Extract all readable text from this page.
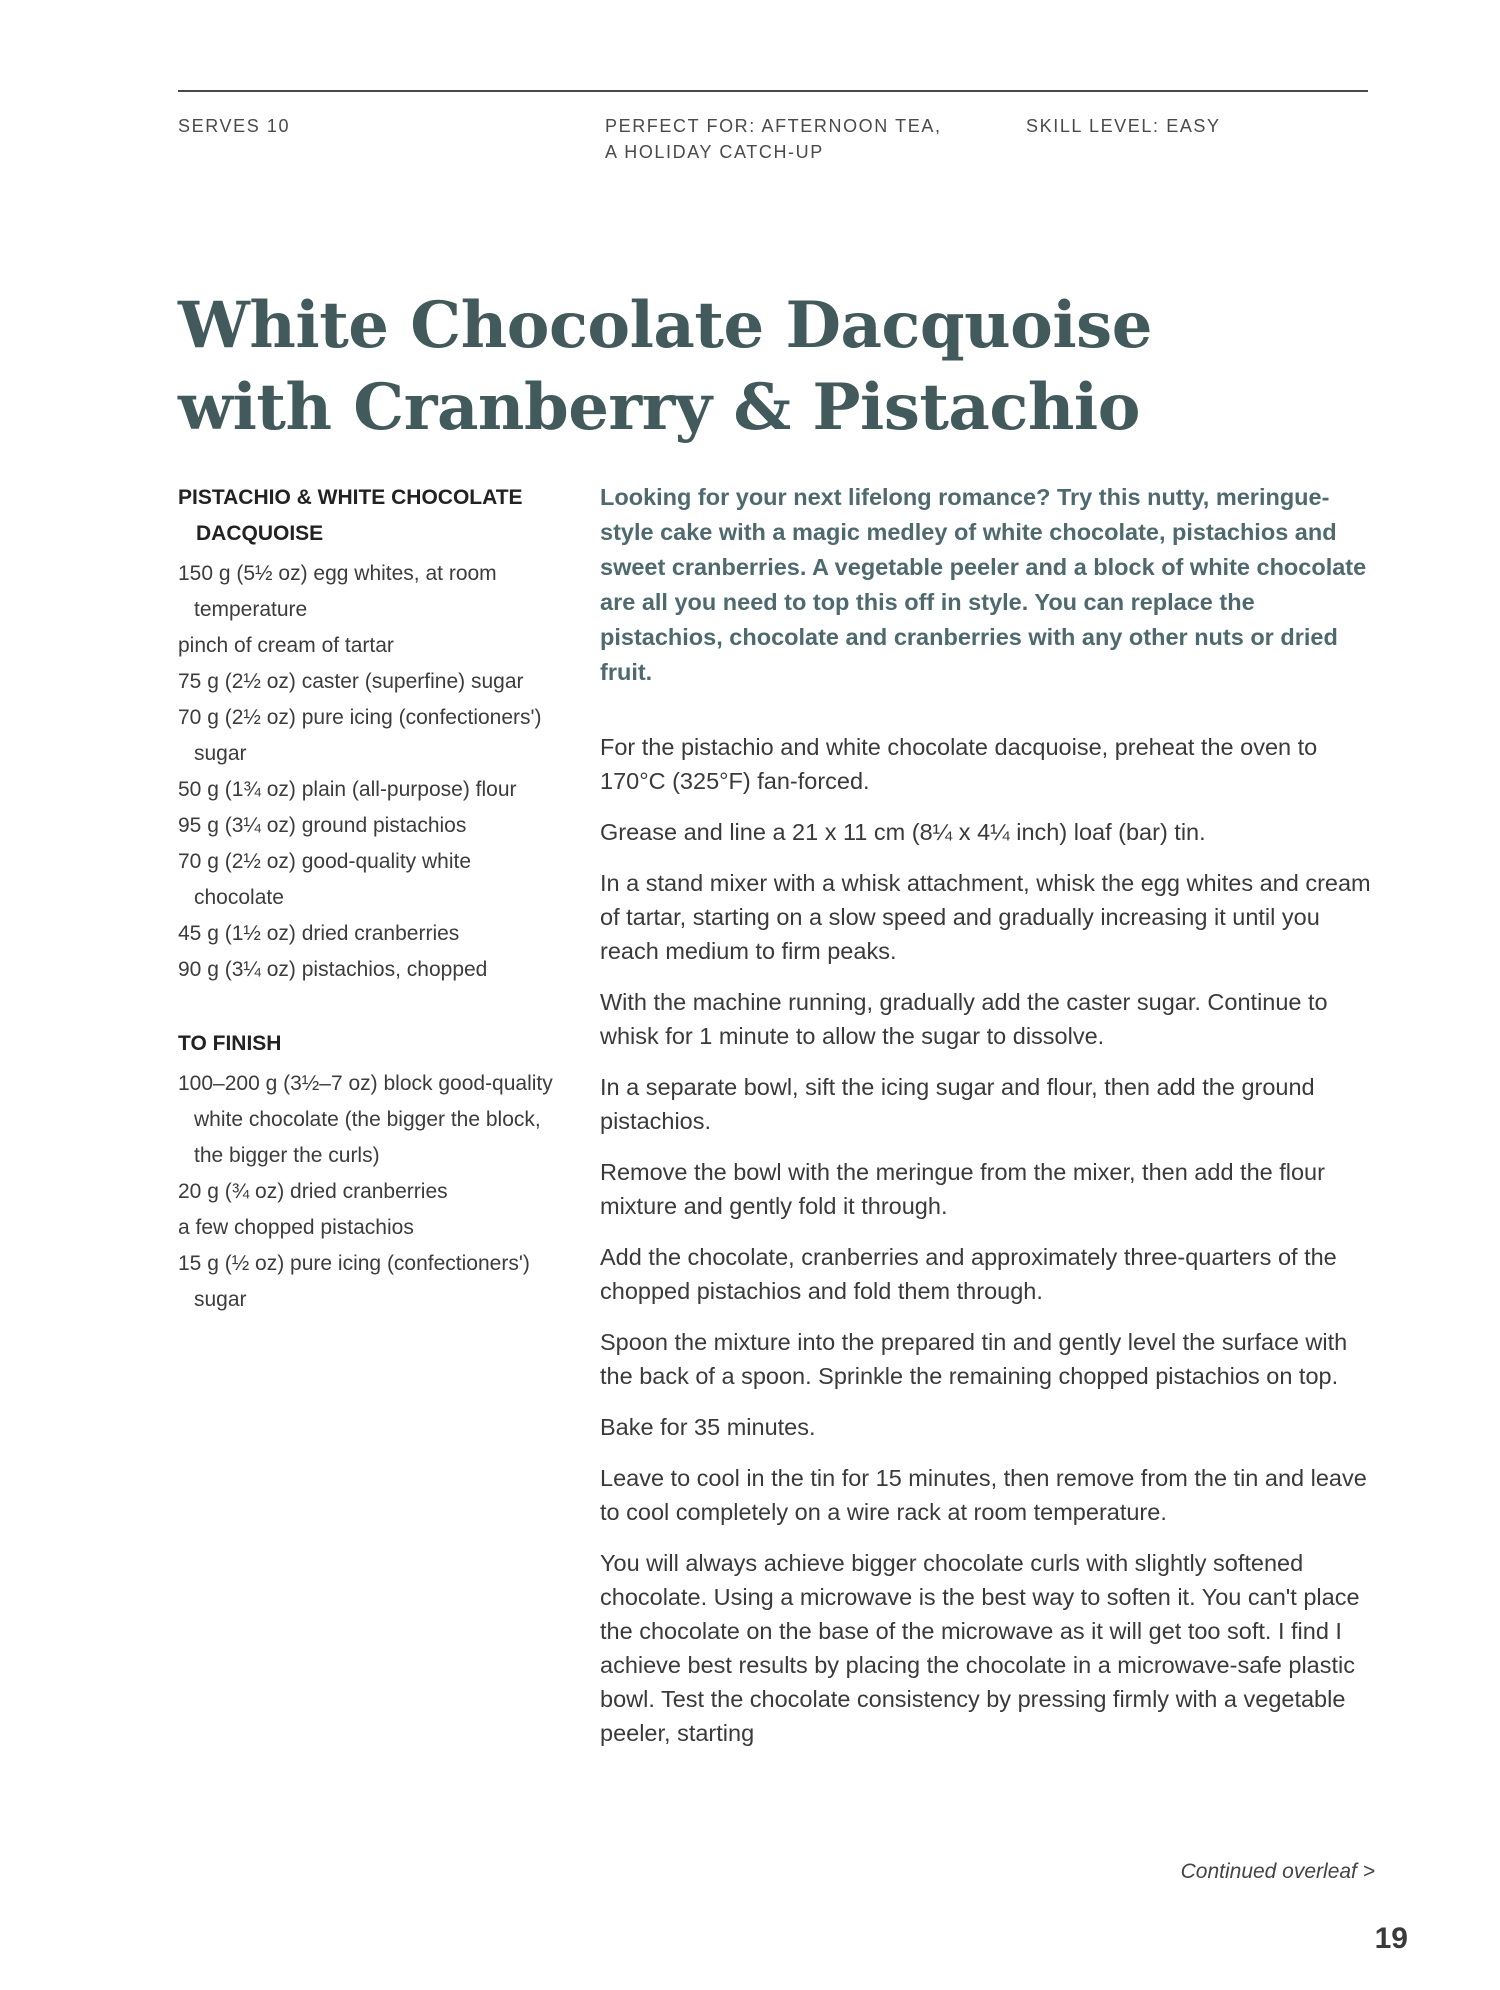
SERVES 10	PERFECT FOR: AFTERNOON TEA,
A HOLIDAY CATCH-UP
SKILL LEVEL: EASY
White Chocolate Dacquoise
with Cranberry & Pistachio
PISTACHIO & WHITE CHOCOLATE DACQUOISE
150 g (5½ oz) egg whites, at room temperature
pinch of cream of tartar
75 g (2½ oz) caster (superfine) sugar
70 g (2½ oz) pure icing (confectioners') sugar
50 g (1¾ oz) plain (all-purpose) flour
95 g (3¼ oz) ground pistachios
70 g (2½ oz) good-quality white chocolate
45 g (1½ oz) dried cranberries
90 g (3¼ oz) pistachios, chopped
TO FINISH
100–200 g (3½–7 oz) block good-quality white chocolate (the bigger the block, the bigger the curls)
20 g (¾ oz) dried cranberries
a few chopped pistachios
15 g (½ oz) pure icing (confectioners') sugar

Looking for your next lifelong romance? Try this nutty, meringue-style cake with a magic medley of white chocolate, pistachios and sweet cranberries. A vegetable peeler and a block of white chocolate are all you need to top this off in style. You can replace the pistachios, chocolate and cranberries with any other nuts or dried fruit.

For the pistachio and white chocolate dacquoise, preheat the oven to 170°C (325°F) fan-forced.

Grease and line a 21 x 11 cm (8¼ x 4¼ inch) loaf (bar) tin.

In a stand mixer with a whisk attachment, whisk the egg whites and cream of tartar, starting on a slow speed and gradually increasing it until you reach medium to firm peaks.

With the machine running, gradually add the caster sugar. Continue to whisk for 1 minute to allow the sugar to dissolve.

In a separate bowl, sift the icing sugar and flour, then add the ground pistachios.

Remove the bowl with the meringue from the mixer, then add the flour mixture and gently fold it through.

Add the chocolate, cranberries and approximately three-quarters of the chopped pistachios and fold them through.

Spoon the mixture into the prepared tin and gently level the surface with the back of a spoon. Sprinkle the remaining chopped pistachios on top.

Bake for 35 minutes.

Leave to cool in the tin for 15 minutes, then remove from the tin and leave to cool completely on a wire rack at room temperature.

You will always achieve bigger chocolate curls with slightly softened chocolate. Using a microwave is the best way to soften it. You can't place the chocolate on the base of the microwave as it will get too soft. I find I achieve best results by placing the chocolate in a microwave-safe plastic bowl. Test the chocolate consistency by pressing firmly with a vegetable peeler, starting

Continued overleaf >
19
